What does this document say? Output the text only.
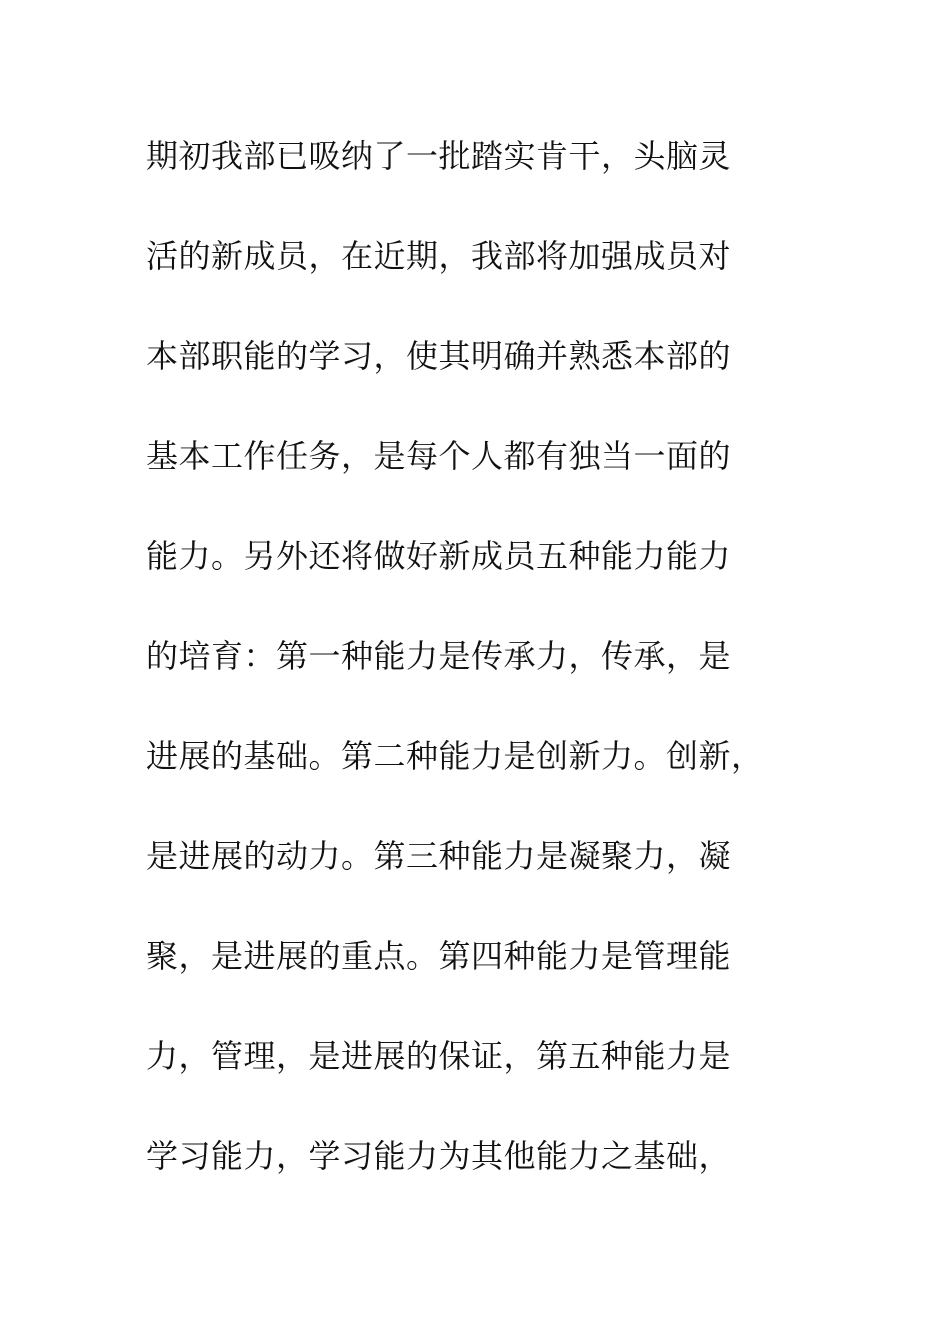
期初我部已吸纳了一批踏实肯干，头脑灵
活的新成员，在近期，我部将加强成员对
本部职能的学习，使其明确并熟悉本部的
基本工作任务，是每个人都有独当一面的
能力。另外还将做好新成员五种能力能力
的培育：第一种能力是传承力，传承，是
进展的基础。第二种能力是创新力。创新，
是进展的动力。第三种能力是凝聚力，凝
聚，是进展的重点。第四种能力是管理能
力，管理，是进展的保证，第五种能力是
学习能力，学习能力为其他能力之基础，
